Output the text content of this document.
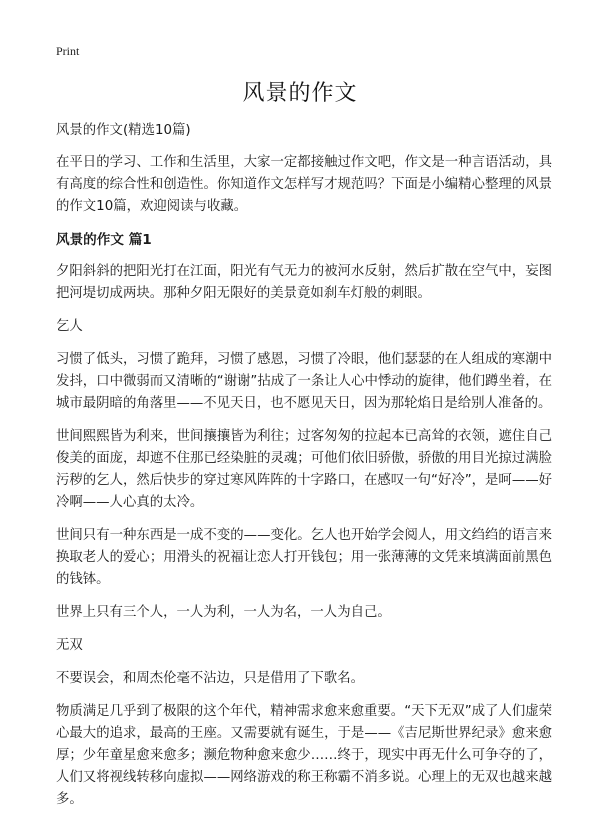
Print
风景的作文

风景的作文(精选10篇)

在平日的学习、工作和生活里，大家一定都接触过作文吧，作文是一种言语活动，具有高度的综合性和创造性。你知道作文怎样写才规范吗？下面是小编精心整理的风景的作文10篇，欢迎阅读与收藏。

风景的作文 篇1

夕阳斜斜的把阳光打在江面，阳光有气无力的被河水反射，然后扩散在空气中，妄图把河堤切成两块。那种夕阳无限好的美景竟如刹车灯般的刺眼。

乞人

习惯了低头，习惯了跪拜，习惯了感恩，习惯了冷眼，他们瑟瑟的在人组成的寒潮中发抖，口中微弱而又清晰的“谢谢”拈成了一条让人心中悸动的旋律，他们蹲坐着，在城市最阴暗的角落里——不见天日，也不愿见天日，因为那轮焰日是给别人准备的。

世间熙熙皆为利来，世间攘攘皆为利往；过客匆匆的拉起本已高耸的衣领，遮住自己俊美的面庞，却遮不住那已经染脏的灵魂；可他们依旧骄傲，骄傲的用目光掠过满脸污秽的乞人，然后快步的穿过寒风阵阵的十字路口，在感叹一句“好冷”，是呵——好冷啊——人心真的太冷。

世间只有一种东西是一成不变的——变化。乞人也开始学会阅人，用文绉绉的语言来换取老人的爱心；用滑头的祝福让恋人打开钱包；用一张薄薄的文凭来填满面前黑色的钱钵。

世界上只有三个人，一人为利，一人为名，一人为自己。

无双

不要误会，和周杰伦毫不沾边，只是借用了下歌名。

物质满足几乎到了极限的这个年代，精神需求愈来愈重要。“天下无双”成了人们虚荣心最大的追求，最高的王座。又需要就有诞生，于是——《吉尼斯世界纪录》愈来愈厚；少年童星愈来愈多；濒危物种愈来愈少……终于，现实中再无什么可争夺的了，人们又将视线转移向虚拟——网络游戏的称王称霸不消多说。心理上的无双也越来越多。
